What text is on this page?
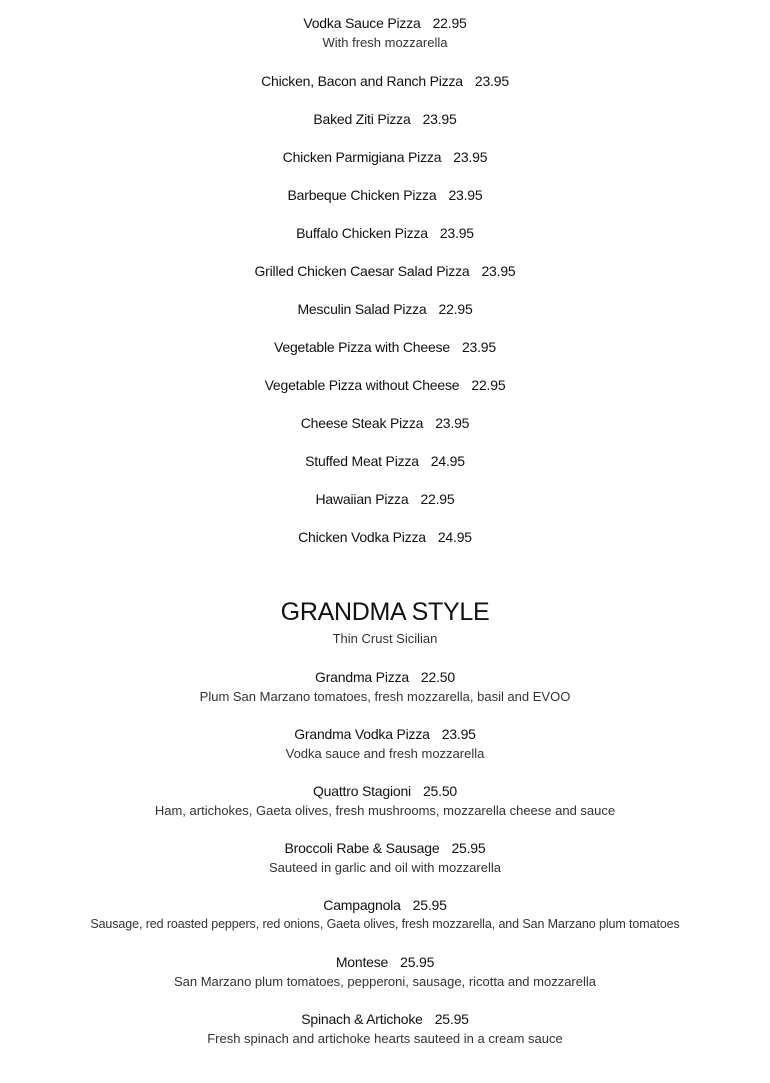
Vodka Sauce Pizza 22.95
With fresh mozzarella
Chicken, Bacon and Ranch Pizza 23.95
Baked Ziti Pizza 23.95
Chicken Parmigiana Pizza 23.95
Barbeque Chicken Pizza 23.95
Buffalo Chicken Pizza 23.95
Grilled Chicken Caesar Salad Pizza 23.95
Mesculin Salad Pizza 22.95
Vegetable Pizza with Cheese 23.95
Vegetable Pizza without Cheese 22.95
Cheese Steak Pizza 23.95
Stuffed Meat Pizza 24.95
Hawaiian Pizza 22.95
Chicken Vodka Pizza 24.95
GRANDMA STYLE
Thin Crust Sicilian
Grandma Pizza 22.50
Plum San Marzano tomatoes, fresh mozzarella, basil and EVOO
Grandma Vodka Pizza 23.95
Vodka sauce and fresh mozzarella
Quattro Stagioni 25.50
Ham, artichokes, Gaeta olives, fresh mushrooms, mozzarella cheese and sauce
Broccoli Rabe & Sausage 25.95
Sauteed in garlic and oil with mozzarella
Campagnola 25.95
Sausage, red roasted peppers, red onions, Gaeta olives, fresh mozzarella, and San Marzano plum tomatoes
Montese 25.95
San Marzano plum tomatoes, pepperoni, sausage, ricotta and mozzarella
Spinach & Artichoke 25.95
Fresh spinach and artichoke hearts sauteed in a cream sauce
